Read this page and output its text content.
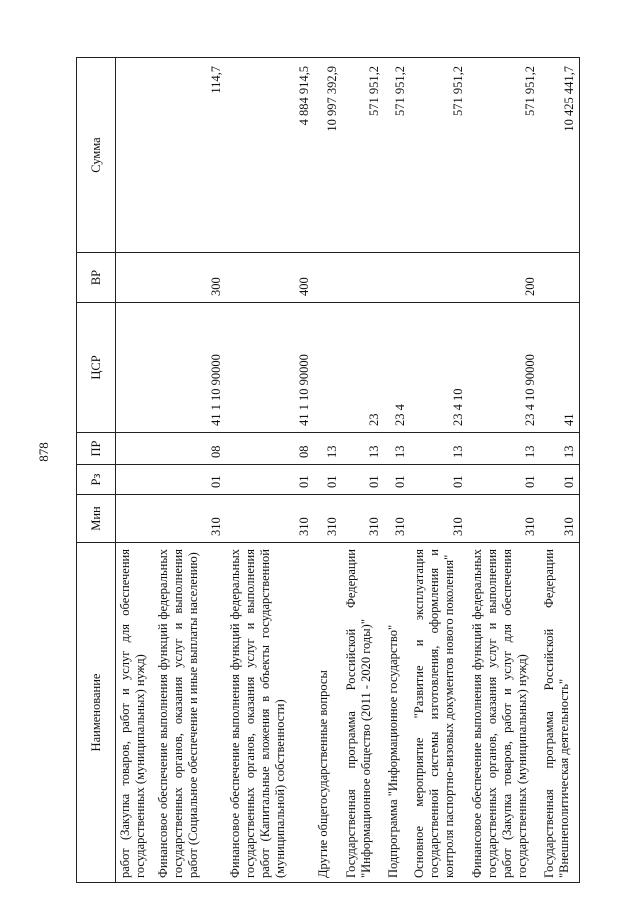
878
Наименование	Мин	Рз	ПР	ЦСР	ВР	Сумма
работ (Закупка товаров, работ и услуг для обеспечения государственных (муниципальных) нужд)						
Финансовое обеспечение выполнения функций федеральных государственных органов, оказания услуг и выполнения работ (Социальное обеспечение и иные выплаты населению)	310	01	08	41 1 10 90000	300	114,7
Финансовое обеспечение выполнения функций федеральных государственных органов, оказания услуг и выполнения работ (Капитальные вложения в объекты государственной (муниципальной) собственности)	310	01	08	41 1 10 90000	400	4 884 914,5
Другие общегосударственные вопросы	310	01	13			10 997 392,9
Государственная программа Российской Федерации "Информационное общество (2011 - 2020 годы)"	310	01	13	23		571 951,2
Подпрограмма "Информационное государство"	310	01	13	23 4		571 951,2
Основное мероприятие "Развитие и эксплуатация государственной системы изготовления, оформления и контроля паспортно-визовых документов нового поколения"	310	01	13	23 4 10		571 951,2
Финансовое обеспечение выполнения функций федеральных государственных органов, оказания услуг и выполнения работ (Закупка товаров, работ и услуг для обеспечения государственных (муниципальных) нужд)	310	01	13	23 4 10 90000	200	571 951,2
Государственная программа Российской Федерации "Внешнеполитическая деятельность"	310	01	13	41		10 425 441,7
